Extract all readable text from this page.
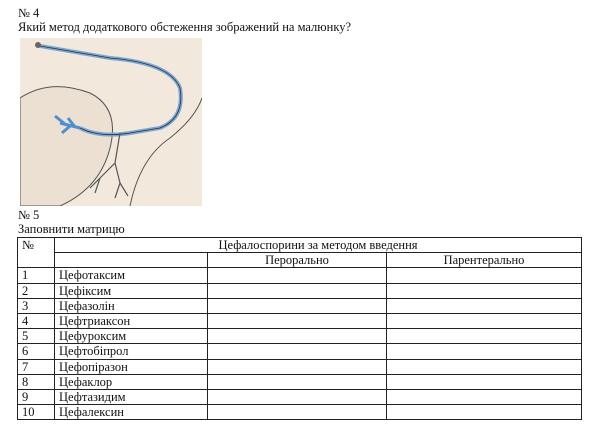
№ 4
Який метод додаткового обстеження зображений на малюнку?
№ 5
Заповнити матрицю
№	Цефалоспорини за методом введення		
		Перорально	Парентерально
1	Цефотаксим		
2	Цефіксим		
3	Цефазолін		
4	Цефтриаксон		
5	Цефуроксим		
6	Цефтобіпрол		
7	Цефопіразон		
8	Цефаклор		
9	Цефтазидим		
10	Цефалексин		
